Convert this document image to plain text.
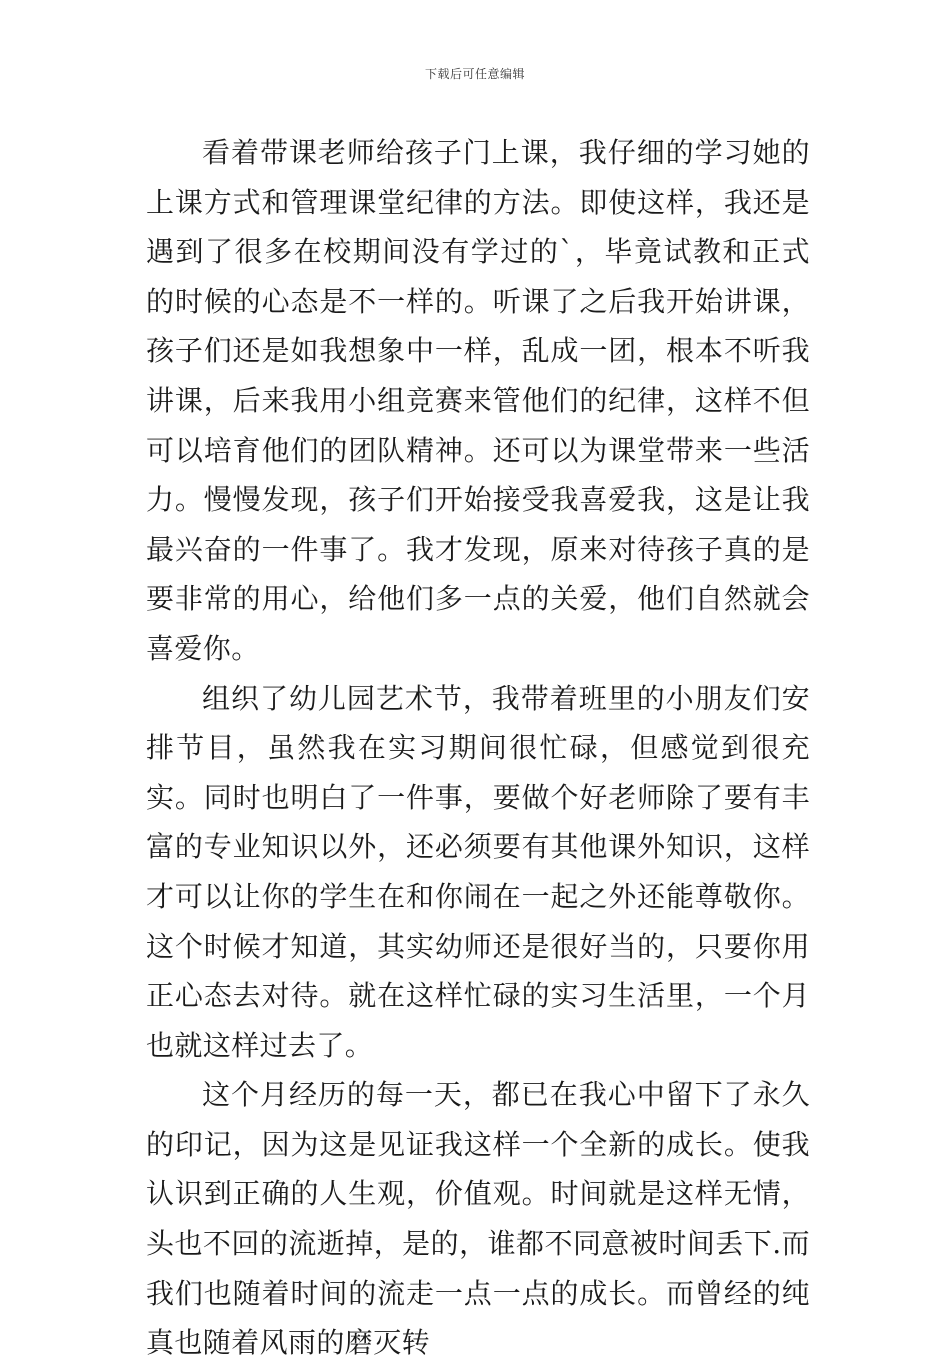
下载后可任意编辑

看着带课老师给孩子门上课，我仔细的学习她的上课方式和管理课堂纪律的方法。即使这样，我还是遇到了很多在校期间没有学过的`，毕竟试教和正式的时候的心态是不一样的。听课了之后我开始讲课，孩子们还是如我想象中一样，乱成一团，根本不听我讲课，后来我用小组竞赛来管他们的纪律，这样不但可以培育他们的团队精神。还可以为课堂带来一些活力。慢慢发现，孩子们开始接受我喜爱我，这是让我最兴奋的一件事了。我才发现，原来对待孩子真的是要非常的用心，给他们多一点的关爱，他们自然就会喜爱你。

组织了幼儿园艺术节，我带着班里的小朋友们安排节目，虽然我在实习期间很忙碌，但感觉到很充实。同时也明白了一件事，要做个好老师除了要有丰富的专业知识以外，还必须要有其他课外知识，这样才可以让你的学生在和你闹在一起之外还能尊敬你。这个时候才知道，其实幼师还是很好当的，只要你用正心态去对待。就在这样忙碌的实习生活里，一个月也就这样过去了。

这个月经历的每一天，都已在我心中留下了永久的印记，因为这是见证我这样一个全新的成长。使我认识到正确的人生观，价值观。时间就是这样无情，头也不回的流逝掉，是的，谁都不同意被时间丢下.而我们也随着时间的流走一点一点的成长。而曾经的纯真也随着风雨的磨灭转
